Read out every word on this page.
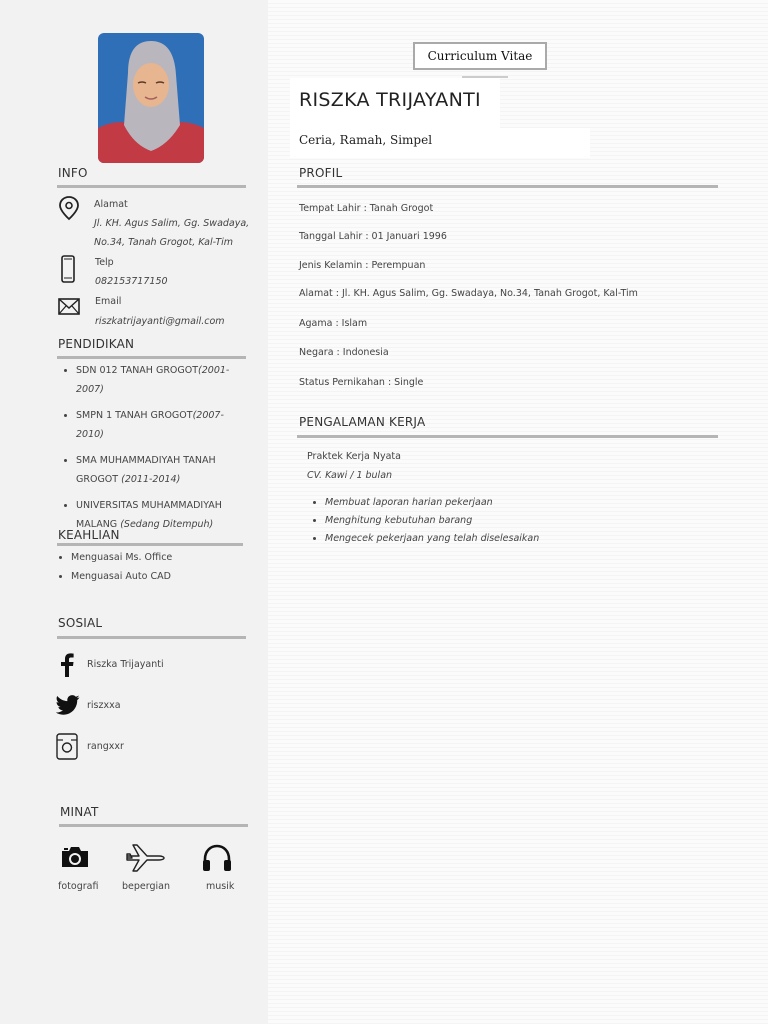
INFO
Alamat
Jl. KH. Agus Salim, Gg. Swadaya,
No.34, Tanah Grogot, Kal-Tim
Telp
082153717150
Email
riszkatrijayanti@gmail.com
PENDIDIKAN
• SDN 012 TANAH GROGOT(2001-
2007)
• SMPN 1 TANAH GROGOT(2007-
2010)
• SMA MUHAMMADIYAH TANAH
GROGOT (2011-2014)
• UNIVERSITAS MUHAMMADIYAH
MALANG (Sedang Ditempuh)
KEAHLIAN
• Menguasai Ms. Office
• Menguasai Auto CAD
SOSIAL
Riszka Trijayanti
riszxxa
rangxxr
MINAT
fotografi bepergian	musik
Curriculum Vitae
RISZKA TRIJAYANTI
Ceria, Ramah, Simpel
PROFIL
Tempat Lahir : Tanah Grogot
Tanggal Lahir : 01 Januari 1996
Jenis Kelamin : Perempuan
Alamat : Jl. KH. Agus Salim, Gg. Swadaya, No.34, Tanah Grogot, Kal-Tim
Agama : Islam
Negara : Indonesia
Status Pernikahan : Single
PENGALAMAN KERJA
Praktek Kerja Nyata
CV. Kawi / 1 bulan
• Membuat laporan harian pekerjaan
• Menghitung kebutuhan barang
• Mengecek pekerjaan yang telah diselesaikan
